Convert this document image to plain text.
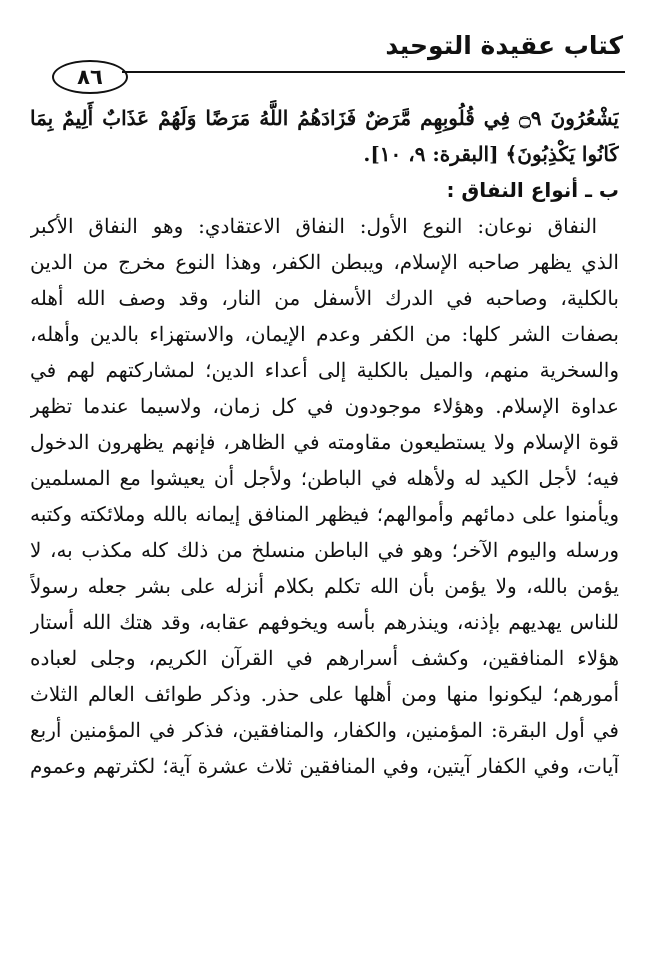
كتاب عقيدة التوحيد
٨٦
يَشْعُرُونَ ۝٩ فِي قُلُوبِهِم مَّرَضٌ فَزَادَهُمُ اللَّهُ مَرَضًا وَلَهُمْ عَذَابٌ أَلِيمٌ بِمَا
كَانُوا يَكْذِبُونَ﴾ [البقرة: ٩، ١٠].
ب ـ أنواع النفاق :
النفاق نوعان: النوع الأول: النفاق الاعتقادي: وهو النفاق الأكبر
الذي يظهر صاحبه الإسلام، ويبطن الكفر، وهذا النوع مخرج من الدين
بالكلية، وصاحبه في الدرك الأسفل من النار، وقد وصف الله أهله
بصفات الشر كلها: من الكفر وعدم الإيمان، والاستهزاء بالدين وأهله،
والسخرية منهم، والميل بالكلية إلى أعداء الدين؛ لمشاركتهم لهم في
عداوة الإسلام. وهؤلاء موجودون في كل زمان، ولاسيما عندما تظهر
قوة الإسلام ولا يستطيعون مقاومته في الظاهر، فإنهم يظهرون الدخول
فيه؛ لأجل الكيد له ولأهله في الباطن؛ ولأجل أن يعيشوا مع المسلمين
ويأمنوا على دمائهم وأموالهم؛ فيظهر المنافق إيمانه بالله وملائكته وكتبه
ورسله واليوم الآخر؛ وهو في الباطن منسلخ من ذلك كله مكذب به، لا
يؤمن بالله، ولا يؤمن بأن الله تكلم بكلام أنزله على بشر جعله رسولاً
للناس يهديهم بإذنه، وينذرهم بأسه ويخوفهم عقابه، وقد هتك الله أستار
هؤلاء المنافقين، وكشف أسرارهم في القرآن الكريم، وجلى لعباده
أمورهم؛ ليكونوا منها ومن أهلها على حذر. وذكر طوائف العالم الثلاث
في أول البقرة: المؤمنين، والكفار، والمنافقين، فذكر في المؤمنين أربع
آيات، وفي الكفار آيتين، وفي المنافقين ثلاث عشرة آية؛ لكثرتهم وعموم
